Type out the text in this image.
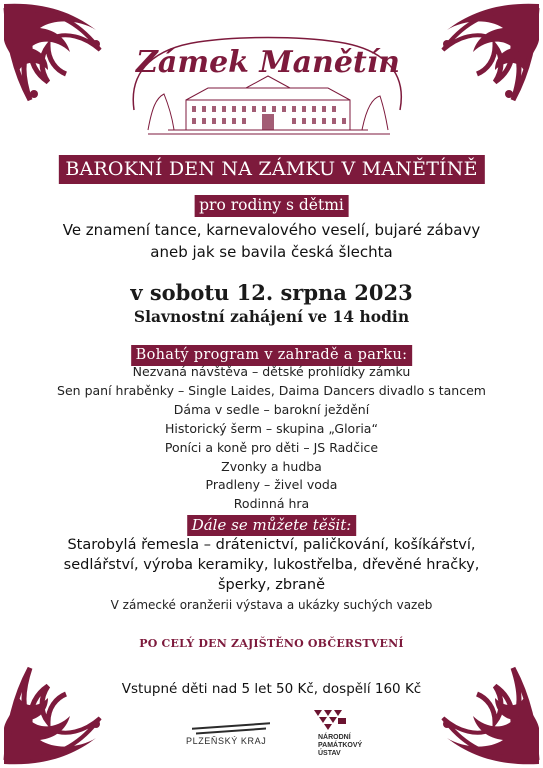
Zámek Manětín
BAROKNÍ DEN NA ZÁMKU V MANĚTÍNĚ
pro rodiny s dětmi
Ve znamení tance, karnevalového veselí, bujaré zábavy
aneb jak se bavila česká šlechta
v sobotu 12. srpna 2023
Slavnostní zahájení ve 14 hodin
Bohatý program v zahradě a parku:
Nezvaná návštěva – dětské prohlídky zámku
Sen paní hraběnky – Single Laides, Daima Dancers divadlo s tancem
Dáma v sedle – barokní ježdění
Historický šerm – skupina „Gloria“
Poníci a koně pro děti – JS Radčice
Zvonky a hudba
Pradleny – živel voda
Rodinná hra
Dále se můžete těšit:
Starobylá řemesla – drátenictví, paličkování, košíkářství,
sedlářství, výroba keramiky, lukostřelba, dřevěné hračky,
šperky, zbraně
V zámecké oranžerii výstava a ukázky suchých vazeb
PO CELÝ DEN ZAJIŠTĚNO OBČERSTVENÍ
Vstupné děti nad 5 let 50 Kč, dospělí 160 Kč
PLZEŇSKÝ KRAJ	NÁRODNÍ
PAMÁTKOVÝ
ÚSTAV
